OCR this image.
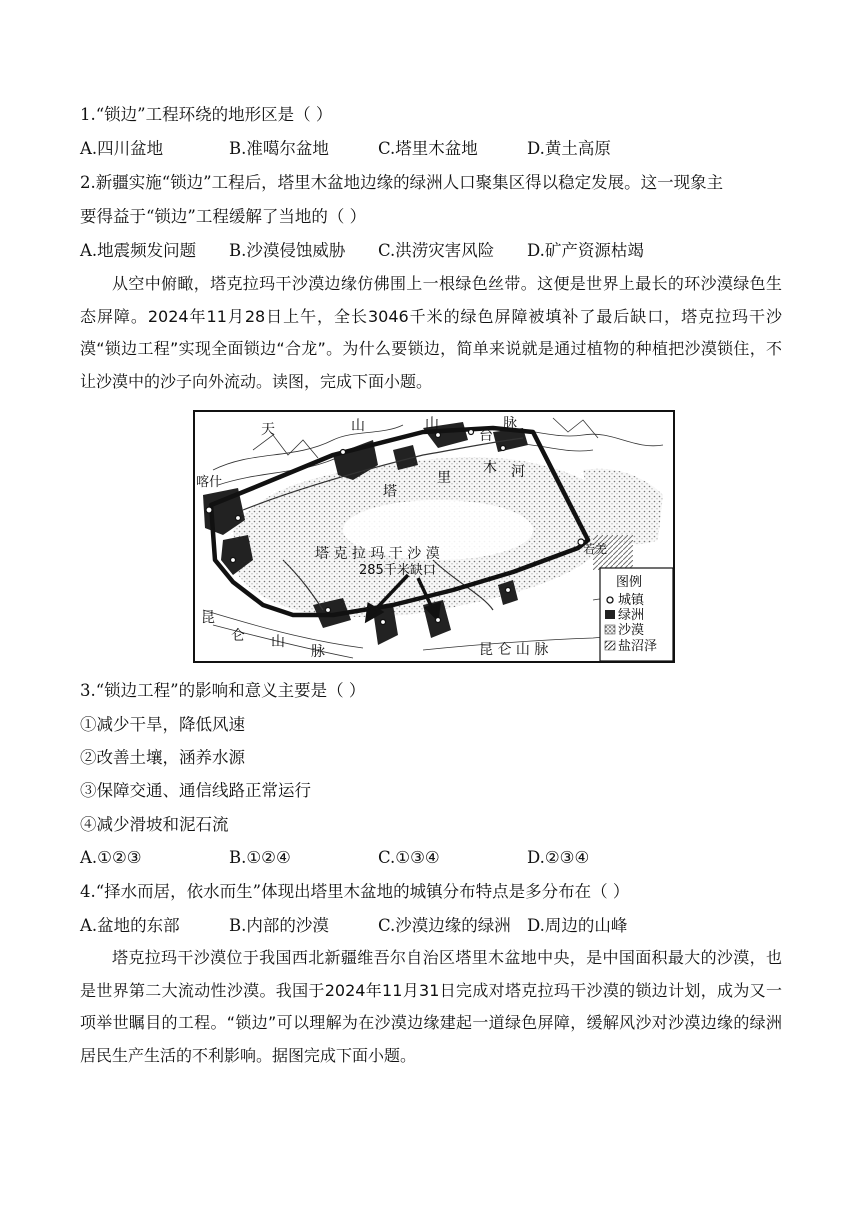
1.“锁边”工程环绕的地形区是（ ）
A.四川盆地	B.准噶尔盆地	C.塔里木盆地	D.黄土高原
2.新疆实施“锁边”工程后，塔里木盆地边缘的绿洲人口聚集区得以稳定发展。这一现象主
要得益于“锁边”工程缓解了当地的（ ）
A.地震频发问题 B.沙漠侵蚀威胁 C.洪涝灾害风险 D.矿产资源枯竭
从空中俯瞰，塔克拉玛干沙漠边缘仿佛围上一根绿色丝带。这便是世界上最长的环沙漠绿色生态屏障。2024年11月28日上午，全长3046千米的绿色屏障被填补了最后缺口，塔克拉玛干沙漠“锁边工程”实现全面锁边“合龙”。为什么要锁边，简单来说就是通过植物的种植把沙漠锁住，不让沙漠中的沙子向外流动。读图，完成下面小题。
天	山	山	脉
台
喀什
塔
里
木 河
塔 克 拉 玛 干 沙 漠
285千米缺口
昆
仑 山
脉	昆 仑 山 脉
若羌
图例
城镇
绿洲
沙漠
盐沼泽
3.“锁边工程”的影响和意义主要是（ ）
①减少干旱，降低风速
②改善土壤，涵养水源
③保障交通、通信线路正常运行
④减少滑坡和泥石流
A.①②③	B.①②④	C.①③④	D.②③④
4.“择水而居，依水而生”体现出塔里木盆地的城镇分布特点是多分布在（ ）
A.盆地的东部	B.内部的沙漠	C.沙漠边缘的绿洲 D.周边的山峰
塔克拉玛干沙漠位于我国西北新疆维吾尔自治区塔里木盆地中央，是中国面积最大的沙漠，也是世界第二大流动性沙漠。我国于2024年11月31日完成对塔克拉玛干沙漠的锁边计划，成为又一项举世瞩目的工程。“锁边”可以理解为在沙漠边缘建起一道绿色屏障，缓解风沙对沙漠边缘的绿洲居民生产生活的不利影响。据图完成下面小题。
